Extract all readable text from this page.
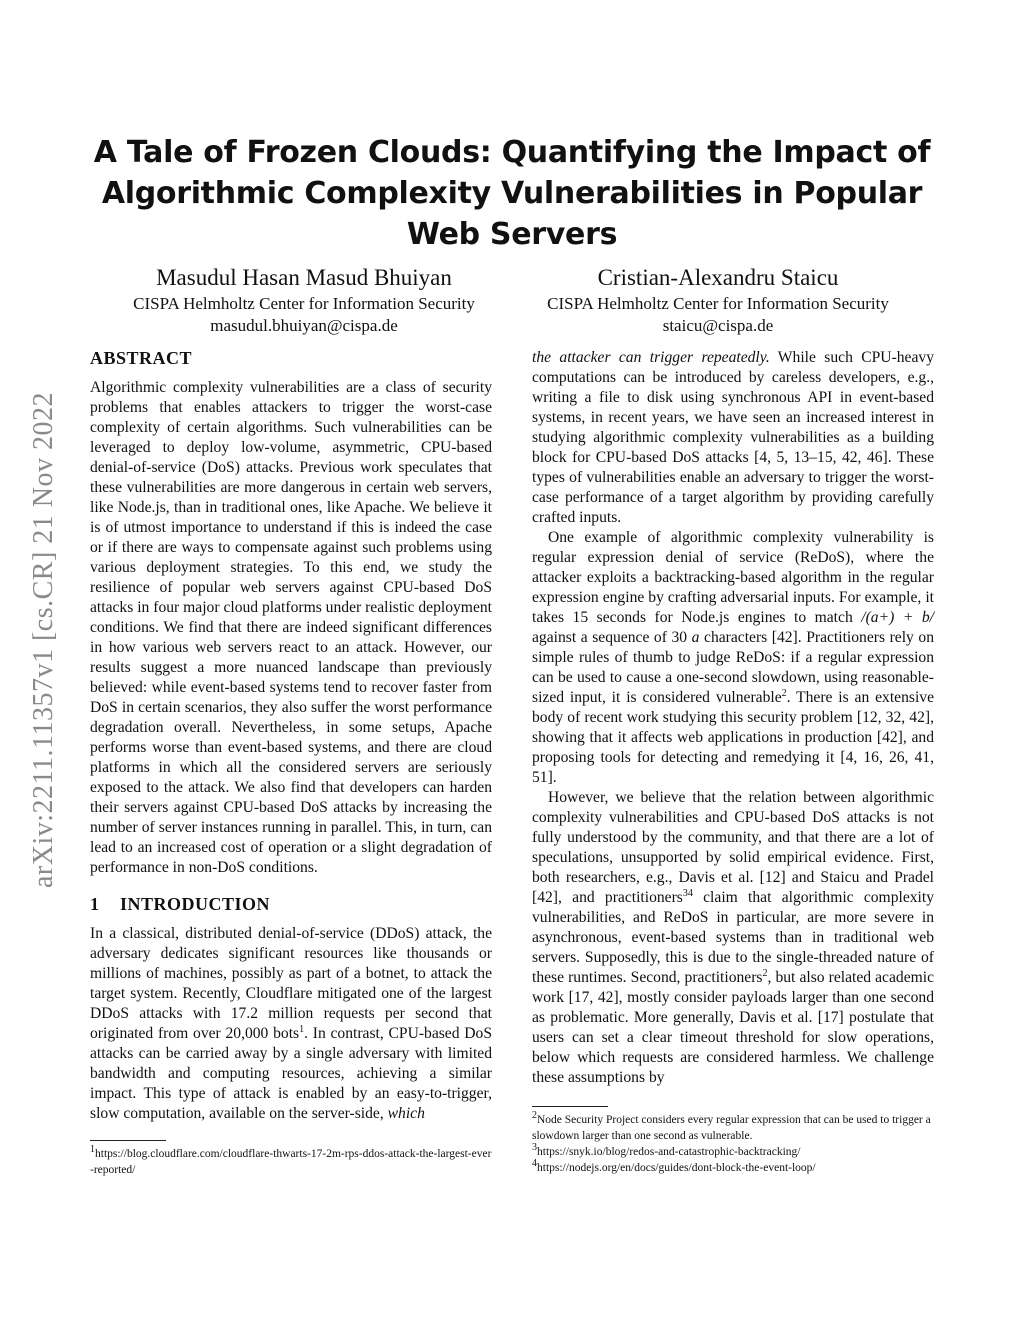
arXiv:2211.11357v1 [cs.CR] 21 Nov 2022
A Tale of Frozen Clouds: Quantifying the Impact of Algorithmic Complexity Vulnerabilities in Popular Web Servers
Masudul Hasan Masud Bhuiyan
CISPA Helmholtz Center for Information Security
masudul.bhuiyan@cispa.de
Cristian-Alexandru Staicu
CISPA Helmholtz Center for Information Security
staicu@cispa.de
ABSTRACT

Algorithmic complexity vulnerabilities are a class of security problems that enables attackers to trigger the worst-case complexity of certain algorithms. Such vulnerabilities can be leveraged to deploy low-volume, asymmetric, CPU-based denial-of-service (DoS) attacks. Previous work speculates that these vulnerabilities are more dangerous in certain web servers, like Node.js, than in traditional ones, like Apache. We believe it is of utmost importance to understand if this is indeed the case or if there are ways to compensate against such problems using various deployment strategies. To this end, we study the resilience of popular web servers against CPU-based DoS attacks in four major cloud platforms under realistic deployment conditions. We find that there are indeed significant differences in how various web servers react to an attack. However, our results suggest a more nuanced landscape than previously believed: while event-based systems tend to recover faster from DoS in certain scenarios, they also suffer the worst performance degradation overall. Nevertheless, in some setups, Apache performs worse than event-based systems, and there are cloud platforms in which all the considered servers are seriously exposed to the attack. We also find that developers can harden their servers against CPU-based DoS attacks by increasing the number of server instances running in parallel. This, in turn, can lead to an increased cost of operation or a slight degradation of performance in non-DoS conditions.

1 INTRODUCTION

In a classical, distributed denial-of-service (DDoS) attack, the adversary dedicates significant resources like thousands or millions of machines, possibly as part of a botnet, to attack the target system. Recently, Cloudflare mitigated one of the largest DDoS attacks with 17.2 million requests per second that originated from over 20,000 bots$^1$. In contrast, CPU-based DoS attacks can be carried away by a single adversary with limited bandwidth and computing resources, achieving a similar impact. This type of attack is enabled by an easy-to-trigger, slow computation, available on the server-side, which

$^1$https://blog.cloudflare.com/cloudflare-thwarts-17-2m-rps-ddos-attack-the-largest-ever-reported/

the attacker can trigger repeatedly. While such CPU-heavy computations can be introduced by careless developers, e.g., writing a file to disk using synchronous API in event-based systems, in recent years, we have seen an increased interest in studying algorithmic complexity vulnerabilities as a building block for CPU-based DoS attacks [4, 5, 13–15, 42, 46]. These types of vulnerabilities enable an adversary to trigger the worst-case performance of a target algorithm by providing carefully crafted inputs.

One example of algorithmic complexity vulnerability is regular expression denial of service (ReDoS), where the attacker exploits a backtracking-based algorithm in the regular expression engine by crafting adversarial inputs. For example, it takes 15 seconds for Node.js engines to match /(a+) + b/ against a sequence of 30 a characters [42]. Practitioners rely on simple rules of thumb to judge ReDoS: if a regular expression can be used to cause a one-second slowdown, using reasonable-sized input, it is considered vulnerable$^2$. There is an extensive body of recent work studying this security problem [12, 32, 42], showing that it affects web applications in production [42], and proposing tools for detecting and remedying it [4, 16, 26, 41, 51].

However, we believe that the relation between algorithmic complexity vulnerabilities and CPU-based DoS attacks is not fully understood by the community, and that there are a lot of speculations, unsupported by solid empirical evidence. First, both researchers, e.g., Davis et al. [12] and Staicu and Pradel [42], and practitioners$^{34}$ claim that algorithmic complexity vulnerabilities, and ReDoS in particular, are more severe in asynchronous, event-based systems than in traditional web servers. Supposedly, this is due to the single-threaded nature of these runtimes. Second, practitioners$^2$, but also related academic work [17, 42], mostly consider payloads larger than one second as problematic. More generally, Davis et al. [17] postulate that users can set a clear timeout threshold for slow operations, below which requests are considered harmless. We challenge these assumptions by

$^2$Node Security Project considers every regular expression that can be used to trigger a slowdown larger than one second as vulnerable.

$^3$https://snyk.io/blog/redos-and-catastrophic-backtracking/

$^4$https://nodejs.org/en/docs/guides/dont-block-the-event-loop/
